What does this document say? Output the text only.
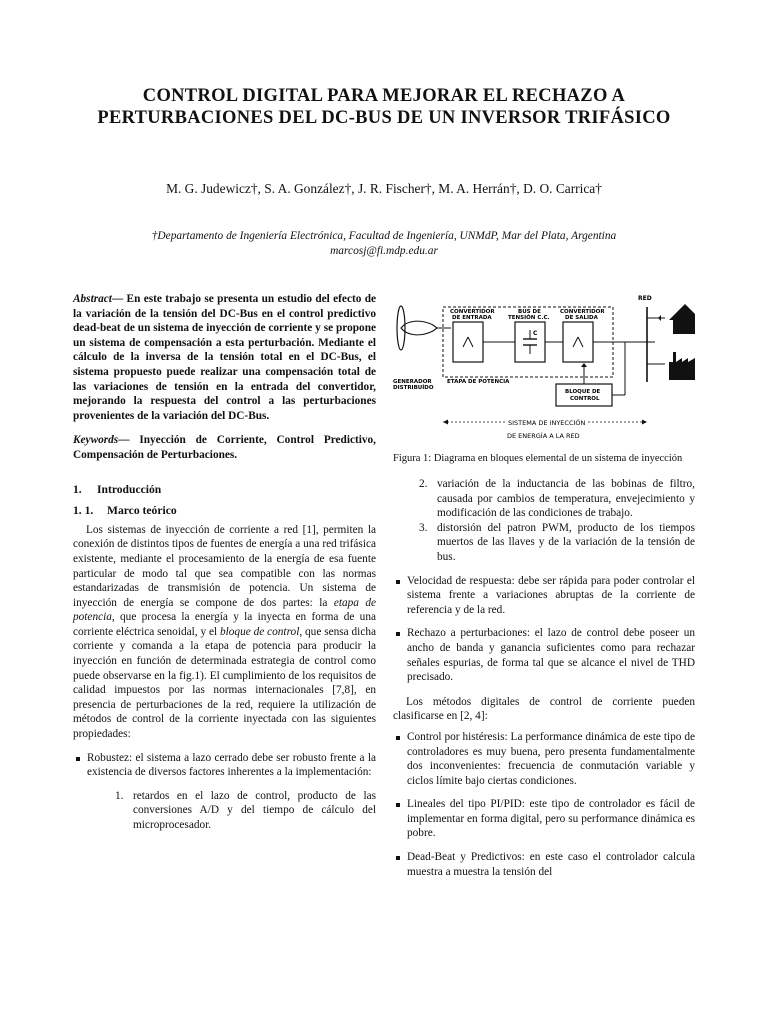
CONTROL DIGITAL PARA MEJORAR EL RECHAZO A PERTURBACIONES DEL DC-BUS DE UN INVERSOR TRIFÁSICO

M. G. Judewicz†, S. A. González†, J. R. Fischer†, M. A. Herrán†, D. O. Carrica†

†Departamento de Ingeniería Electrónica, Facultad de Ingeniería, UNMdP, Mar del Plata, Argentina
marcosj@fi.mdp.edu.ar

Abstract— En este trabajo se presenta un estudio del efecto de la variación de la tensión del DC-Bus en el control predictivo dead-beat de un sistema de inyección de corriente y se propone un sistema de compensación a esta perturbación. Mediante el cálculo de la inversa de la tensión total en el DC-Bus, el sistema propuesto puede realizar una compensación total de las variaciones de tensión en la entrada del convertidor, mejorando la respuesta del control a las perturbaciones provenientes de la variación del DC-Bus.

Keywords— Inyección de Corriente, Control Predictivo, Compensación de Perturbaciones.

1. Introducción
1. 1. Marco teórico

Los sistemas de inyección de corriente a red [1], permiten la conexión de distintos tipos de fuentes de energía a una red trifásica existente, mediante el procesamiento de la energía de esa fuente particular de modo tal que sea compatible con las normas estandarizadas de transmisión de potencia. Un sistema de inyección de energía se compone de dos partes: la etapa de potencia, que procesa la energía y la inyecta en forma de una corriente eléctrica senoidal, y el bloque de control, que sensa dicha corriente y comanda a la etapa de potencia para producir la inyección en función de determinada estrategia de control como puede observarse en la fig.1). El cumplimiento de los requisitos de calidad impuestos por las normas internacionales [7,8], en presencia de perturbaciones de la red, requiere la utilización de métodos de control de la corriente inyectada con las siguientes propiedades:

Robustez: el sistema a lazo cerrado debe ser robusto frente a la existencia de diversos factores inherentes a la implementación:
1. retardos en el lazo de control, producto de las conversiones A/D y del tiempo de cálculo del microprocesador.
C
RED
CONVERTIDOR
DE ENTRADA
BUS DE
TENSIÓN C.C.
CONVERTIDOR
DE SALIDA
GENERADOR
DISTRIBUÍDO
ETAPA DE POTENCIA
BLOQUE DE
CONTROL
SISTEMA DE INYECCIÓN
DE ENERGÍA A LA RED

Figura 1: Diagrama en bloques elemental de un sistema de inyección

2. variación de la inductancia de las bobinas de filtro, causada por cambios de temperatura, envejecimiento y modificación de las condiciones de trabajo.
3. distorsión del patron PWM, producto de los tiempos muertos de las llaves y de la variación de la tensión de bus.
Velocidad de respuesta: debe ser rápida para poder controlar el sistema frente a variaciones abruptas de la corriente de referencia y de la red.
Rechazo a perturbaciones: el lazo de control debe poseer un ancho de banda y ganancia suficientes como para rechazar señales espurias, de forma tal que se alcance el nivel de THD precisado.

Los métodos digitales de control de corriente pueden clasificarse en [2, 4]:

Control por histéresis: La performance dinámica de este tipo de controladores es muy buena, pero presenta fundamentalmente dos inconvenientes: frecuencia de conmutación variable y ciclos límite bajo ciertas condiciones.
Lineales del tipo PI/PID: este tipo de controlador es fácil de implementar en forma digital, pero su performance dinámica es pobre.
Dead-Beat y Predictivos: en este caso el controlador calcula muestra a muestra la tensión del
